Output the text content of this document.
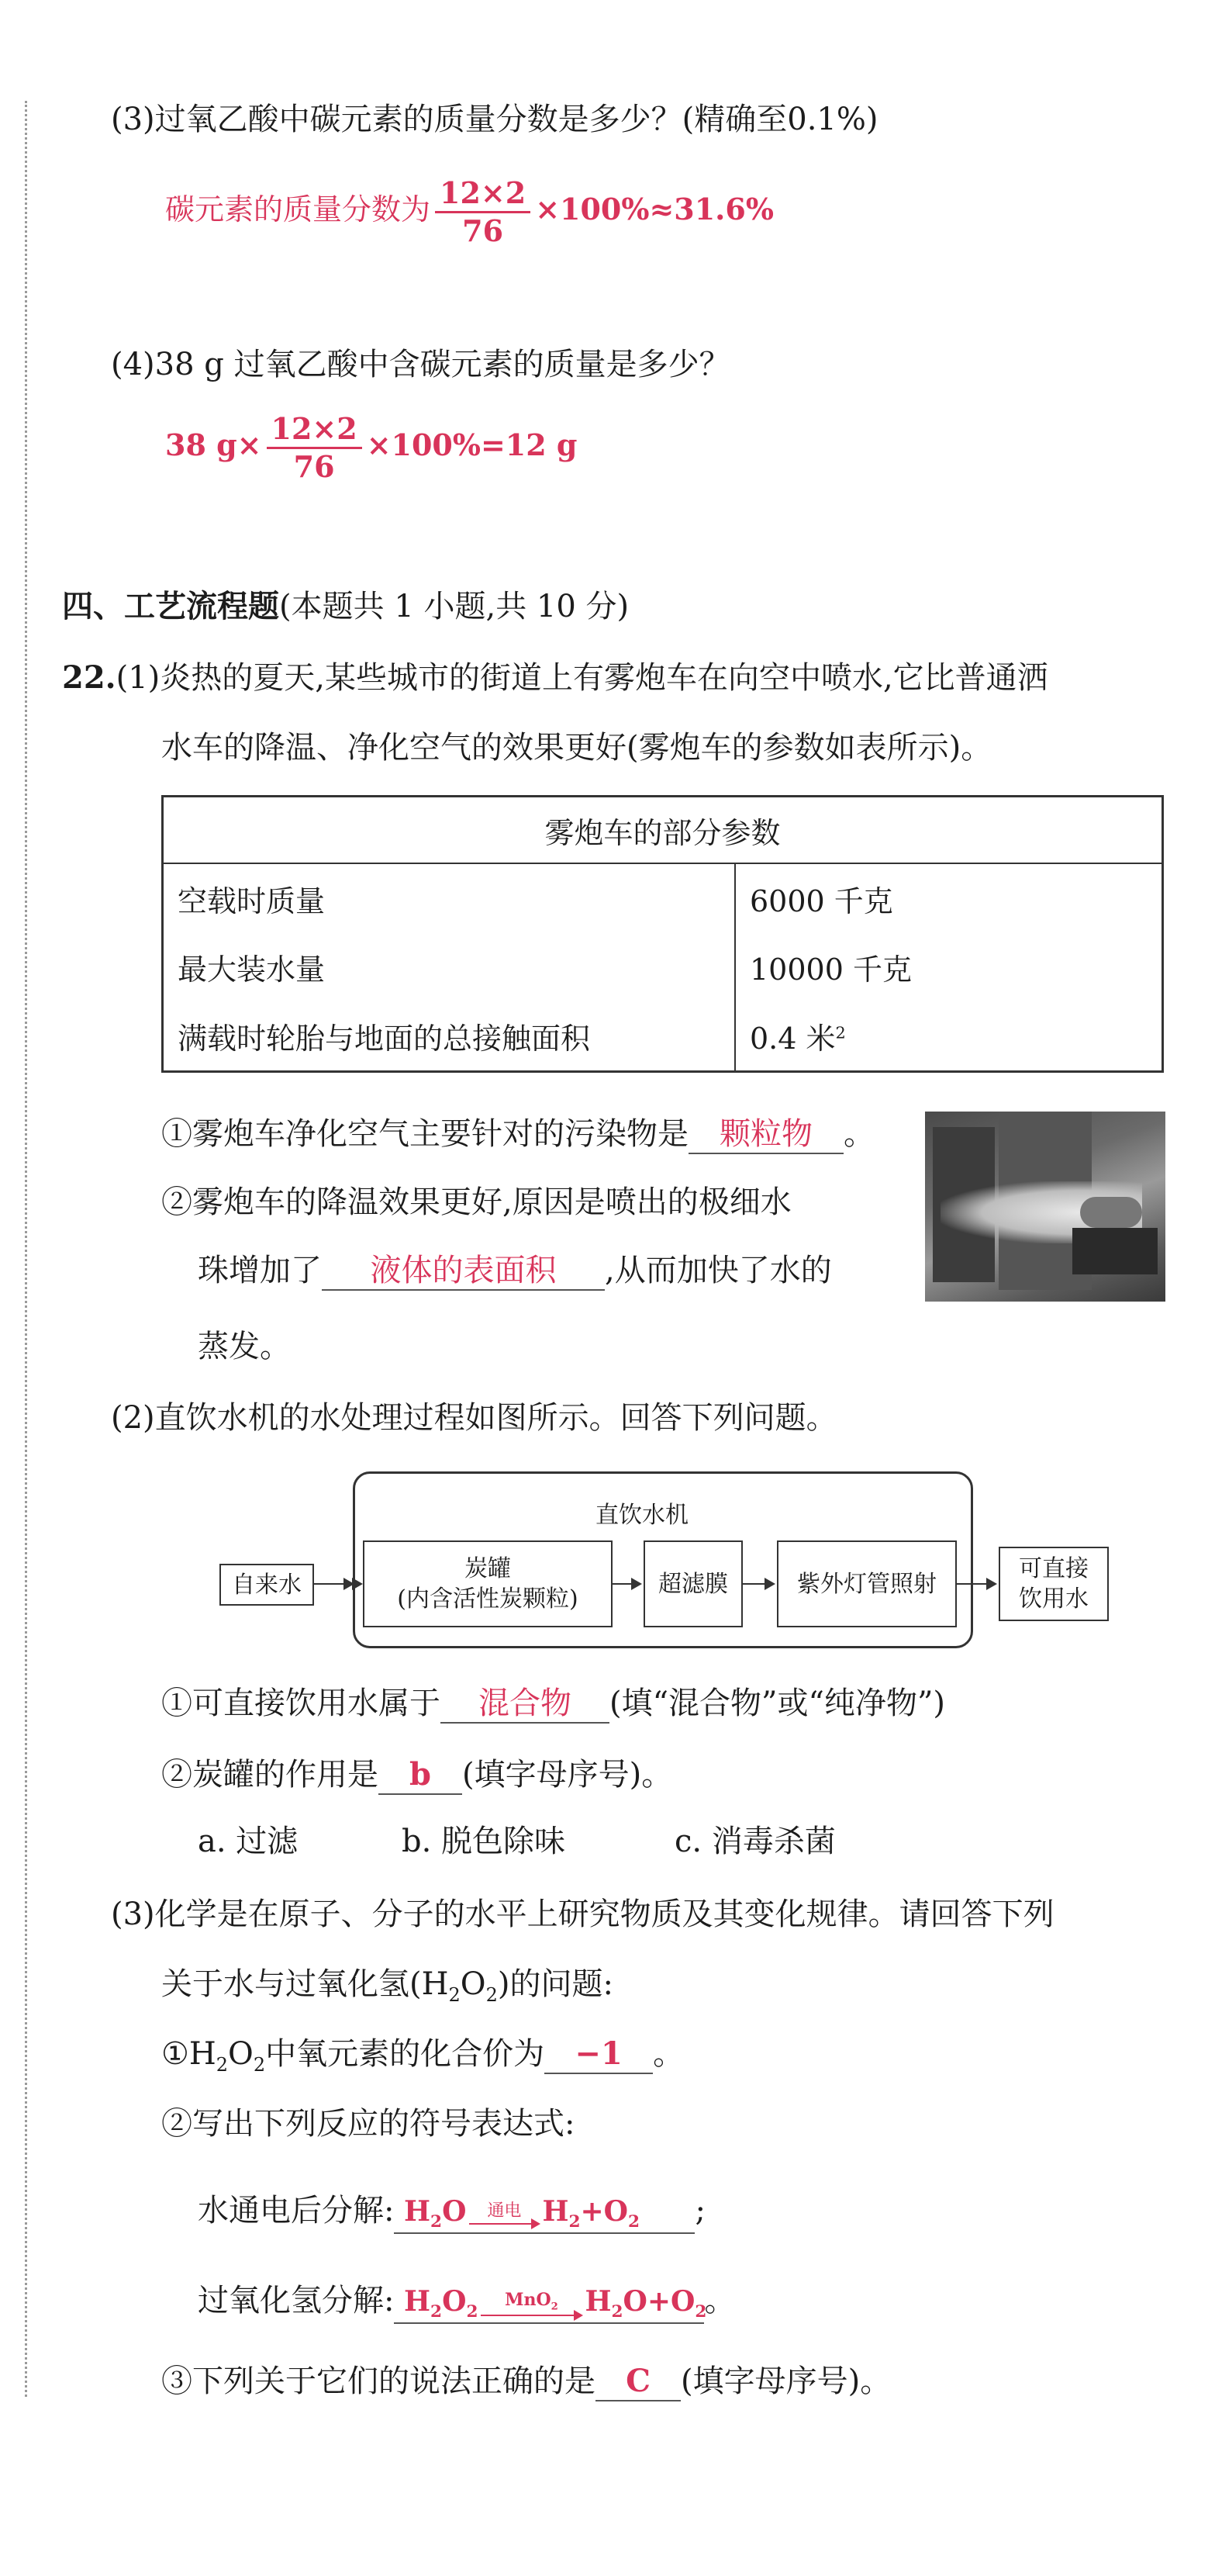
(3)过氧乙酸中碳元素的质量分数是多少？(精确至0.1%)
碳元素的质量分数为 $\frac{12\times 2}{76} \times 100\%\approx 31.6\%$
(4)38 g 过氧乙酸中含碳元素的质量是多少？
38 $g\times \frac{12\times 2}{76} \times 100\%=12$ g
四、工艺流程题(本题共 1 小题,共 10 分)
22.(1)炎热的夏天,某些城市的街道上有雾炮车在向空中喷水,它比普通洒
水车的降温、净化空气的效果更好(雾炮车的参数如表所示)。
雾炮车的部分参数	
空载时质量	6000 千克
最大装水量	10000 千克
满载时轮胎与地面的总接触面积	0.4 米$^2$
①雾炮车净化空气主要针对的污染物是 颗粒物 。
②雾炮车的降温效果更好,原因是喷出的极细水
珠增加了 液体的表面积 ,从而加快了水的
蒸发。
(2)直饮水机的水处理过程如图所示。回答下列问题。
直饮水机
自来水
炭罐
(内含活性炭颗粒)
超滤膜	紫外灯管照射
可直接
饮用水
①可直接饮用水属于 混合物 (填“混合物”或“纯净物”)
②炭罐的作用是 b (填字母序号)。
a. 过滤	b. 脱色除味	c. 消毒杀菌
(3)化学是在原子、分子的水平上研究物质及其变化规律。请回答下列
关于水与过氧化氢$(H_2O_2)$的问题:
$①H_2O_2$中氧元素的化合价为 −1 。
②写出下列反应的符号表达式:
水通电后分解: $H_2O$ 通电 $H_2+O_2$ ;
过氧化氢分解: $H_2O_2$
MnO$_2$ $H_2O+O_2$。
③下列关于它们的说法正确的是 C (填字母序号)。
